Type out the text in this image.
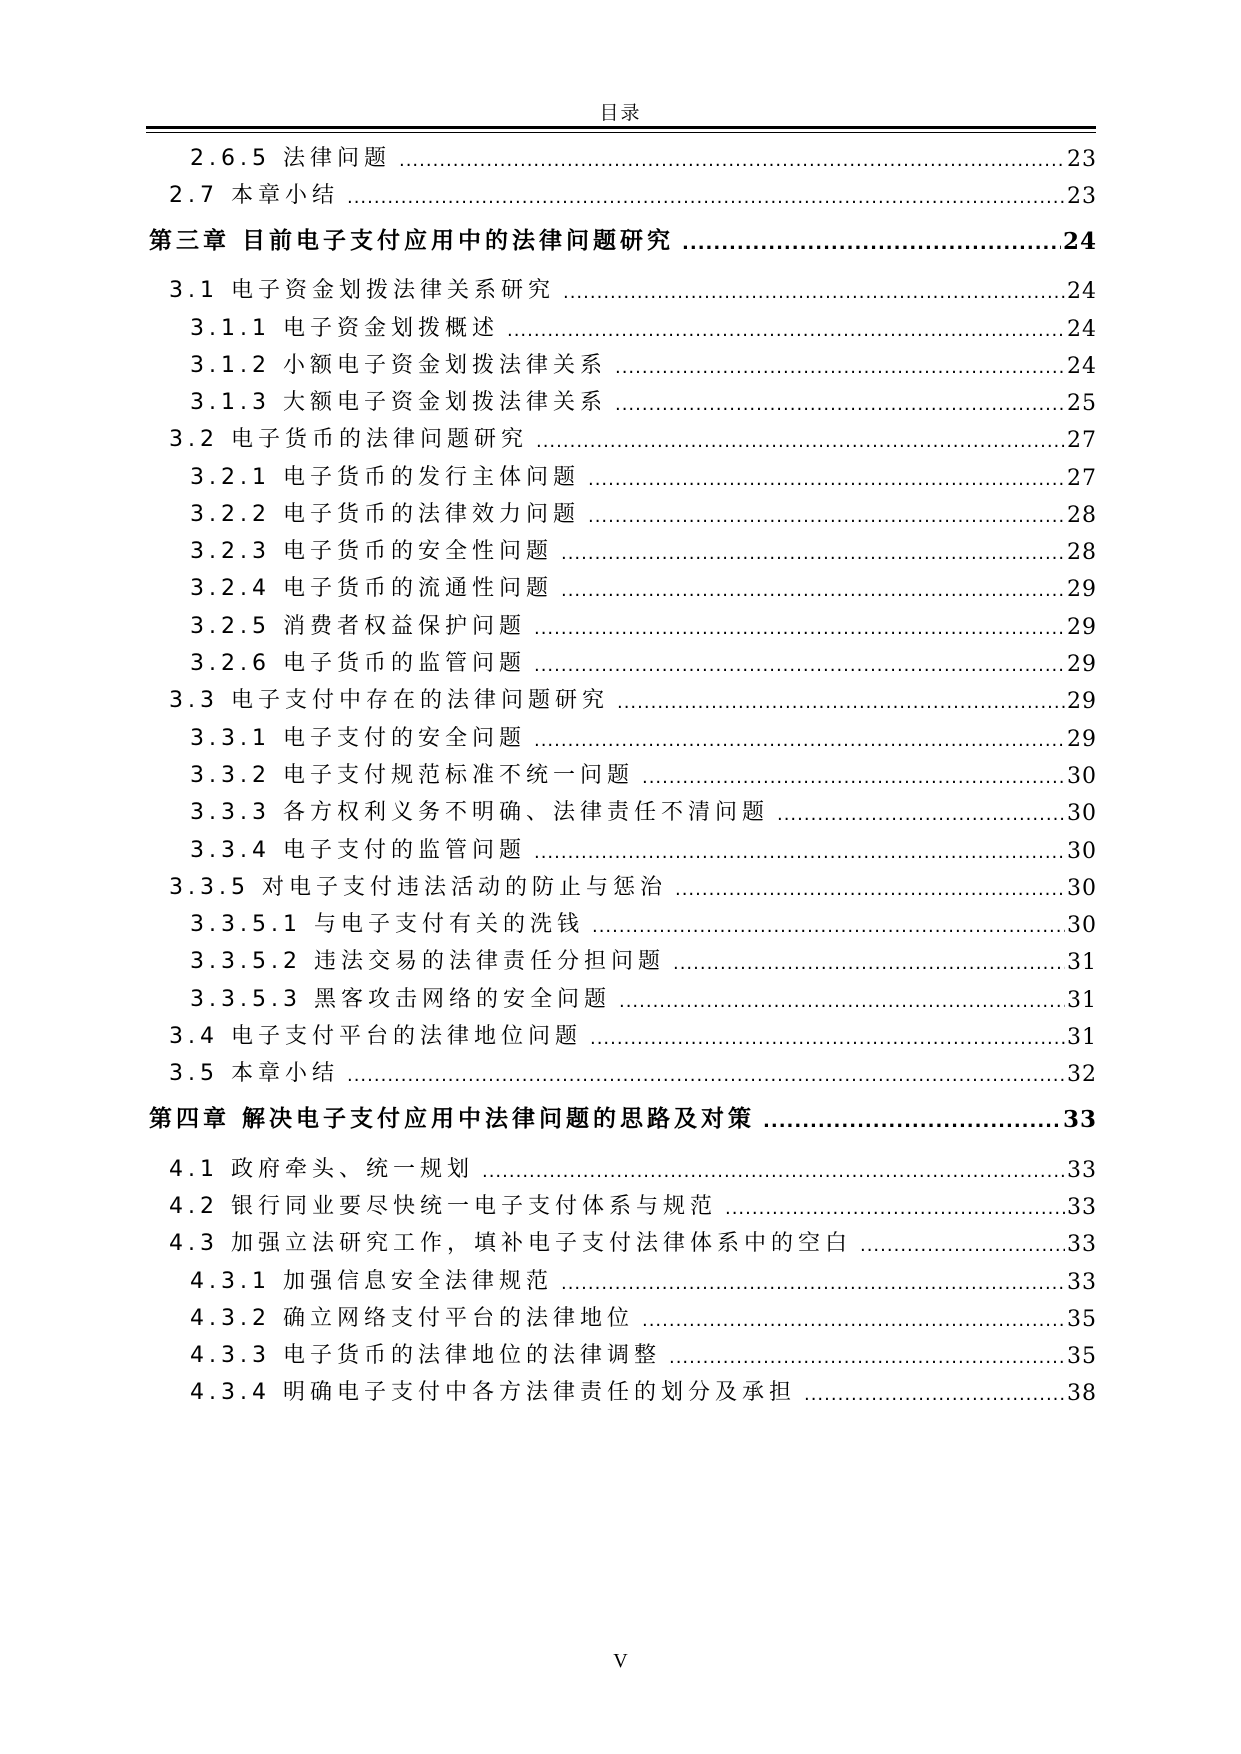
目录
2.6.5 法律问题 .....	23
2.7 本章小结 .....	23
第三章 目前电子支付应用中的法律问题研究 .....	24
3.1 电子资金划拨法律关系研究 .....	24
3.1.1 电子资金划拨概述 .....	24
3.1.2 小额电子资金划拨法律关系 .....	24
3.1.3 大额电子资金划拨法律关系 .....	25
3.2 电子货币的法律问题研究 .....	27
3.2.1 电子货币的发行主体问题 .....	27
3.2.2 电子货币的法律效力问题 .....	28
3.2.3 电子货币的安全性问题 .....	28
3.2.4 电子货币的流通性问题 .....	29
3.2.5 消费者权益保护问题 .....	29
3.2.6 电子货币的监管问题 .....	29
3.3 电子支付中存在的法律问题研究 .....	29
3.3.1 电子支付的安全问题 .....	29
3.3.2 电子支付规范标准不统一问题 .....	30
3.3.3 各方权利义务不明确、法律责任不清问题 .....	30
3.3.4 电子支付的监管问题 .....	30
3.3.5 对电子支付违法活动的防止与惩治 .....	30
3.3.5.1 与电子支付有关的洗钱 .....	30
3.3.5.2 违法交易的法律责任分担问题 .....	31
3.3.5.3 黑客攻击网络的安全问题 .....	31
3.4 电子支付平台的法律地位问题 .....	31
3.5 本章小结 .....	32
第四章 解决电子支付应用中法律问题的思路及对策 .....	33
4.1 政府牵头、统一规划 .....	33
4.2 银行同业要尽快统一电子支付体系与规范 .....	33
4.3 加强立法研究工作，填补电子支付法律体系中的空白 .....	33
4.3.1 加强信息安全法律规范 .....	33
4.3.2 确立网络支付平台的法律地位 .....	35
4.3.3 电子货币的法律地位的法律调整 .....	35
4.3.4 明确电子支付中各方法律责任的划分及承担 .....	38
V
